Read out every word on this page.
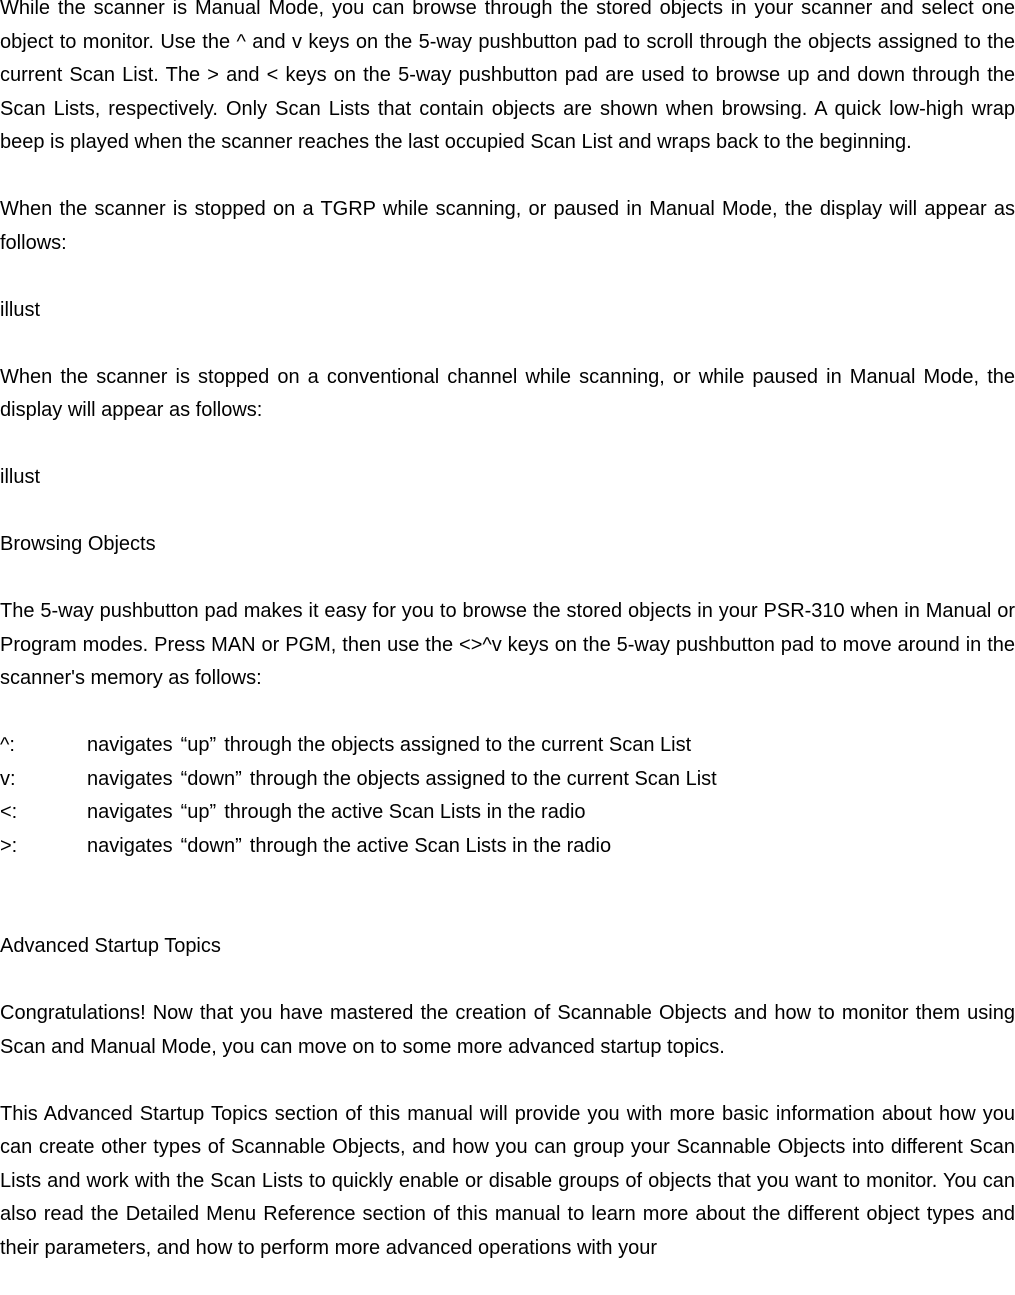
While the scanner is Manual Mode, you can browse through the stored objects in your scanner and select one object to monitor. Use the ^ and v keys on the 5-way pushbutton pad to scroll through the objects assigned to the current Scan List. The > and < keys on the 5-way pushbutton pad are used to browse up and down through the Scan Lists, respectively. Only Scan Lists that contain objects are shown when browsing. A quick low-high wrap beep is played when the scanner reaches the last occupied Scan List and wraps back to the beginning.

When the scanner is stopped on a TGRP while scanning, or paused in Manual Mode, the display will appear as follows:

illust

When the scanner is stopped on a conventional channel while scanning, or while paused in Manual Mode, the display will appear as follows:

illust

Browsing Objects

The 5-way pushbutton pad makes it easy for you to browse the stored objects in your PSR-310 when in Manual or Program modes. Press MAN or PGM, then use the <>^v keys on the 5-way pushbutton pad to move around in the scanner's memory as follows:

^:	navigates “up” through the objects assigned to the current Scan List
v:	navigates “down” through the objects assigned to the current Scan List
<:	navigates “up” through the active Scan Lists in the radio
>:	navigates “down” through the active Scan Lists in the radio

Advanced Startup Topics

Congratulations! Now that you have mastered the creation of Scannable Objects and how to monitor them using Scan and Manual Mode, you can move on to some more advanced startup topics.

This Advanced Startup Topics section of this manual will provide you with more basic information about how you can create other types of Scannable Objects, and how you can group your Scannable Objects into different Scan Lists and work with the Scan Lists to quickly enable or disable groups of objects that you want to monitor. You can also read the Detailed Menu Reference section of this manual to learn more about the different object types and their parameters, and how to perform more advanced operations with your
